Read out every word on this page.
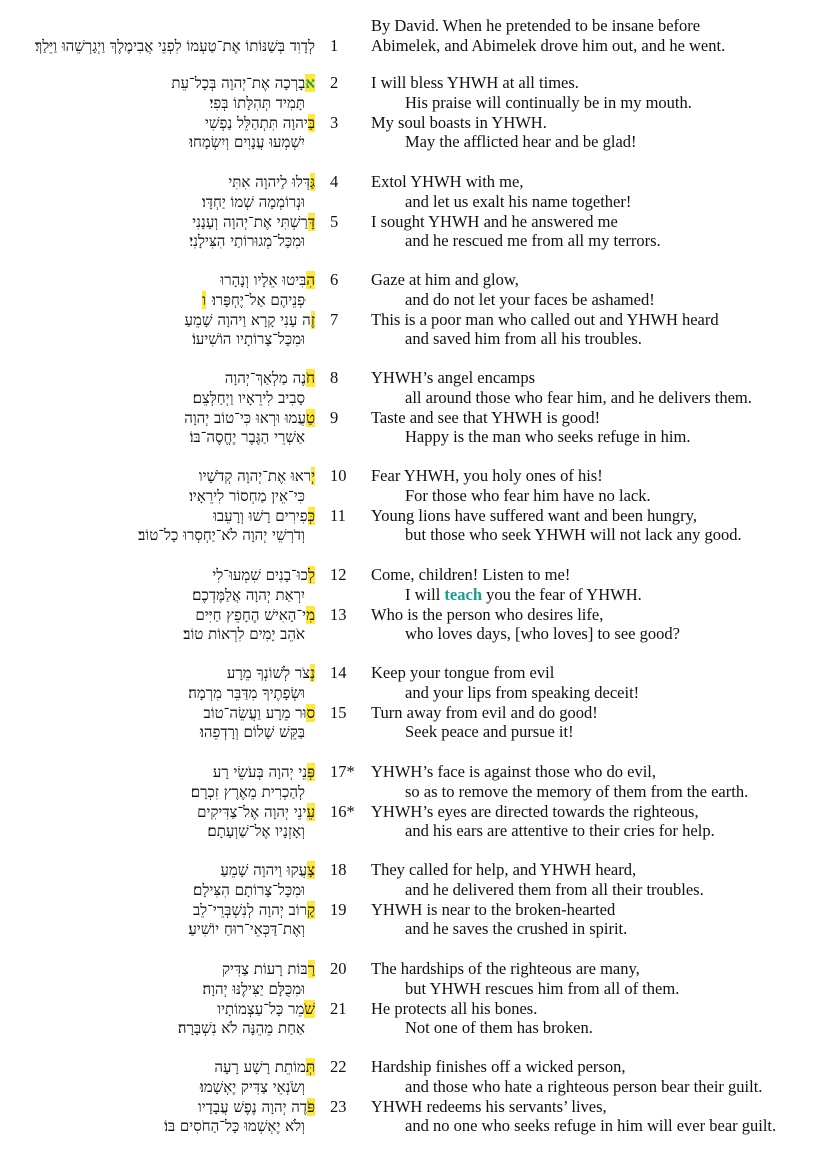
By David. When he pretended to be insane before
לְדָוִד בְּשַׁנּוֹתוֹ אֶת־טַעְמוֹ לִפְנֵי אֲבִימֶלֶךְ וַיְגָרְשֵׁהוּ וַיֵּלַךְ׃ 1	Abimelek, and Abimelek drove him out, and he went.
אבָרְכָה אֶת־יְהוָה בְּכָל־עֵת	2	I will bless YHWH at all times.
תָּמִיד תְּהִלָּתוֹ בְּפִי׃	His praise will continually be in my mouth.
בַּיהוָה תִּתְהַלֵּל נַפְשִׁי	3	My soul boasts in YHWH.
יִשְׁמְעוּ עֲנָוִים וְיִשְׂמָחוּ׃	May the afflicted hear and be glad!
גַּדְּלוּ לַיהוָה אִתִּי	4	Extol YHWH with me,
וּנְרוֹמְמָה שְׁמוֹ יַחְדָּו׃	and let us exalt his name together!
דָּרַשְׁתִּי אֶת־יְהוָה וְעָנָנִי	5	I sought YHWH and he answered me
וּמִכָּל־מְגוּרוֹתַי הִצִּילָנִי׃	and he rescued me from all my terrors.
הִבִּיטוּ אֵלָיו וְנָהָרוּ	6	Gaze at him and glow,
ּפְנֵיהֶם אַל־יֶחְפָּרוּ׃ו	and do not let your faces be ashamed!
זֶה עָנִי קָרָא וַיהוָה שָׁמֵעַ 7	This is a poor man who called out and YHWH heard
וּמִכָּל־צָרוֹתָיו הוֹשִׁיעוֹ׃	and saved him from all his troubles.
חֹנֶה מַלְאַךְ־יְהוָה	8	YHWH’s angel encamps
סָבִיב לִירֵאָיו וַיְחַלְּצֵם׃	all around those who fear him, and he delivers them.
טַעֲמוּ וּרְאוּ כִּי־טוֹב יְהוָה	9	Taste and see that YHWH is good!
אַשְׁרֵי הַגֶּבֶר יֶחֱסֶה־בּוֹ׃	Happy is the man who seeks refuge in him.
יְראוּ אֶת־יְהוָה קְדֹשָׁיו 10	Fear YHWH, you holy ones of his!
כִּי־אֵין מַחְסוֹר לִירֵאָיו׃	For those who fear him have no lack.
כְּפִירִים רָשׁוּ וְרָעֵבוּ	11	Young lions have suffered want and been hungry,
וְדֹרְשֵׁי יְהוָה לֹא־יַחְסְרוּ כָל־טוֹב׃	but those who seek YHWH will not lack any good.
לְכוּ־בָנִים שִׁמְעוּ־לִי	12	Come, children! Listen to me!
יִרְאַת יְהוָה אֲלַמֶּדְכֶם׃	I will teach you the fear of YHWH.
מִי־הָאִישׁ הֶחָפֵץ חַיִּים	13	Who is the person who desires life,
אֹהֵב יָמִים לִרְאוֹת טוֹב׃	who loves days, [who loves] to see good?
נְצֹר לְשׁוֹנְךָ מֵרָע 14	Keep your tongue from evil
וּשְׂפָתֶיךָ מִדַּבֵּר מִרְמָה׃	and your lips from speaking deceit!
סוּר מֵרָע וַעֲשֵׂה־טוֹב	15	Turn away from evil and do good!
בַּקֵּשׁ שָׁלוֹם וְרָדְפֵהוּ׃	Seek peace and pursue it!
פְּנֵי יְהוָה בְּעֹשֵׂי רָע	17* YHWH’s face is against those who do evil,
לְהַכְרִית מֵאֶרֶץ זִכְרָם׃	so as to remove the memory of them from the earth.
עֵינֵי יְהוָה אֶל־צַדִּיקִים	16* YHWH’s eyes are directed towards the righteous,
וְאָזְנָיו אֶל־שַׁוְעָתָם׃	and his ears are attentive to their cries for help.
צָעֲקוּ וַיהוָה שָׁמֵעַ	18	They called for help, and YHWH heard,
וּמִכָּל־צָרוֹתָם הִצִּילָם׃	and he delivered them from all their troubles.
קָרוֹב יְהוָה לְנִשְׁבְּרֵי־לֵב	19	YHWH is near to the broken-hearted
וְאֶת־דַּכְּאֵי־רוּחַ יוֹשִׁיעַ׃	and he saves the crushed in spirit.
רַבּוֹת רָעוֹת צַדִּיק	20	The hardships of the righteous are many,
וּמִכֻּלָּם יַצִּילֶנּוּ יְהוָה׃	but YHWH rescues him from all of them.
שֹׁמֵר כָּל־עַצְמוֹתָיו	21	He protects all his bones.
אַחַת מֵהֵנָּה לֹא נִשְׁבָּרָה׃	Not one of them has broken.
תְּמוֹתֵת רָשָׁע רָעָה	22	Hardship finishes off a wicked person,
וְשֹׂנְאֵי צַדִּיק יֶאְשָׁמוּ׃	and those who hate a righteous person bear their guilt.
פֹּדֶה יְהוָה נֶפֶשׁ עֲבָדָיו	23	YHWH redeems his servants’ lives,
וְלֹא יֶאְשְׁמוּ כָּל־הַחֹסִים בּוֹ׃	and no one who seeks refuge in him will ever bear guilt.
